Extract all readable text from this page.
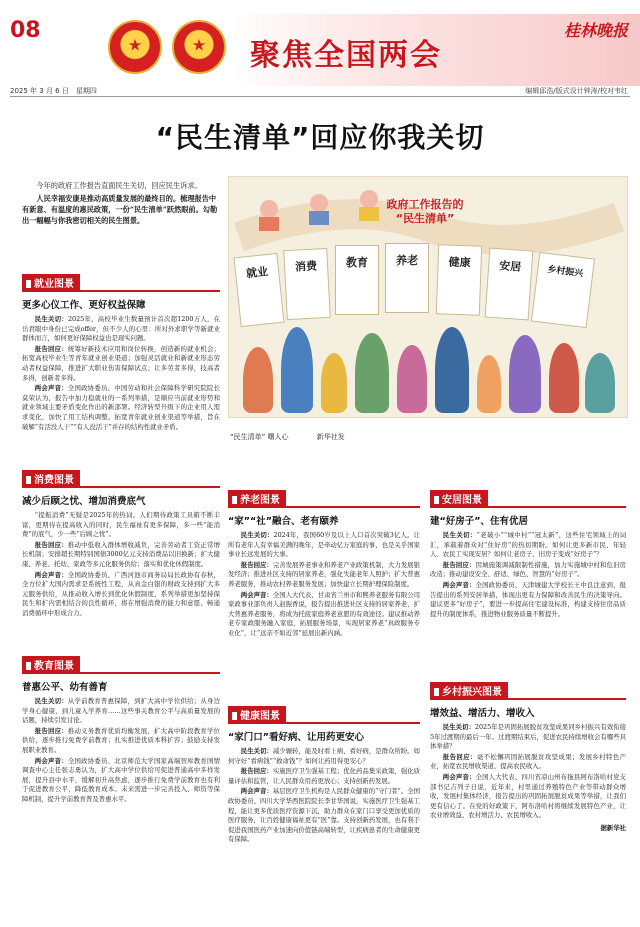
08
★
★
聚焦全国两会
桂林晚报
2025 年 3 月 6 日　星期四	编辑邱浩/版式设计钟涛/校对韦红
“民生清单”回应你我关切

今年的政府工作报告直面民生关切，回应民生诉求。

人民幸福安康是推动高质量发展的最终目的。梳理报告中有新意、有温度的惠民政策，一份“民生清单”跃然眼前。勾勒出一幅幅与你我密切相关的民生图景。

就业	消费	教育	养老	健康	安居	乡村振兴
政府工作报告的
“民生清单”
“民生清单” 曙人心	新华社发
就业图景
更多心仪工作、更好权益保障

民生关切：2025年，高校毕业生数量预计首次超1200万人，在岳君眼中身份已完成offer，但不少人的心里：所对外求职学等新就业群体而言，如何更好保障权益也是现实问题。

报告回应：统筹好新技术应用和岗位转换，创造新的就业机会；拓宽高校毕业生等青年就业创业渠道；加强灵活就业和新就业形态劳动者权益保障，推进扩大职业伤害保障试点；让多劳者多得，技高者多得，创新者多得。

两会声音：全国政协委员、中国劳动和社会保障科学研究院院长莫荣认为，报告中加力稳就业的一系列举措，是顺应当前就业形势和就业领域主要矛盾变化作出的新部署。经济转型升级下的企业用人需求变化，加快了用工结构调整。拓宽青年就业创业渠道等举措，旨在破解“有活没人干”“有人没活干”并存的结构性就业矛盾。

消费图景
减少后顾之忧、增加消费底气

“提振消费”无疑是2025年的热词。人们期待政策工具箱不断丰富，更期待在提高收入的同时，民生福祉有更多保障，多一些“能消费”的底气，少一些“后顾之忧”。

报告回应：推动中低收入群体增收减负，完善劳动者工资正常增长机制；安排超长期特别国债3000亿元支持消费品以旧换新；扩大健康、养老、托幼、家政等多元化服务供给；落实和优化休假制度。

两会声音：全国政协委员、广西河池市商务局局长政协有春秋，全方位扩大国内需求是系统性工程，从真金白银的财政支持到扩大多元服务供给，从推动收入增长到优化休假制度，系列举措更加坚持保民生和扩内需相结合的良性循环，将在增强消费的能力和意愿、畅通消费循环中形成合力。

教育图景
普惠公平、幼有善育

民生关切：从学前教育普惠保障，到扩大高中学位供给；从身边学身心健康，到儿童入学养育……这些事关教育公平与高质量发展的话题，持续引发讨论。

报告回应：推动义务教育优质均衡发展，扩大高中阶段教育学位供给，逐步推行免费学前教育；扎实推进优质本科扩容；鼓励支持发展职业教育。

两会声音：全国政协委员、北京师范大学国家高端智库教育国情调查中心主任张志勇认为，扩大高中学位供给可促进普通高中多样发展，提升县中水平，缓解初升高焦虑，逐步推行免费学前教育也有利于促进教育公平，降低教育成本。未来需进一步完善投入、师资等保障机制，提升学前教育普及普惠水平。

养老图景
“家”“社”融合、老有颐养

民生关切：2024年，我国60岁及以上人口首次突破3亿人。让所有老年人有幸福美满的晚年，是牵动亿万家庭的事，也是关乎国家事业长远发展的大事。

报告回应：完善发展养老事业和养老产业政策机制，大力发展银发经济；推进社区支持的居家养老，强化失能老年人照护；扩大普惠养老服务，推动农村养老服务发展；加快建立长期护理保险制度。

两会声音：全国人大代表、甘肃省兰州市和熙养老服务有限公司家政事业部负责人赵振香说，报告提出推进社区支持的居家养老，扩大普惠养老服务，将成为托底家庭养老意愿的有效途径。建议推动养老专家政服务融入家庭，拓展服务场景，实现居家养老“真政服务专业化”，让“远亲不如近邻”延展出新内涵。

健康图景
“家门口”看好病、让用药更安心

民生关切：减少辗转，能及时看上病、看好病，是群众所盼。如何守好“看病钱”“救命钱”？如何让药用得更安心？

报告回应：实施医疗卫生强基工程；优化药品集采政策，强化质量评估和监管，让人民群众用药更放心；支持创新药发展。

两会声音：基层医疗卫生机构是人民群众健康的“守门者”。全国政协委员、四川大学华西医院院长李甘华国说，实施医疗卫生强基工程，能让更多优质医疗资源下沉，助力群众在家门口享受更加优质的医疗服务，让百姓健康福祉更有“医”靠。支持创新药发展，也有利于促进我国医药产业加速向价值链高端转型，让疾病患者的生命健康更有保障。

安居图景
建“好房子”、住有优居

民生关切：“老破小”“城中村”“冠太新”，这些住宅领域上的词汇，承载着群众对“住好房”的热切期盼。如何让更多新市民、年轻人、农民工实现安居？如何让老房子、旧房子变成“好房子”？

报告回应：因城施策调减限制性措施，加力实施城中村和危旧房改造；推动建设安全、舒适、绿色、智慧的“好房子”。

两会声音：全国政协委员、天津城建大学校长王中良注意到，报告提出的系列安居举措，体现出更有力保障和改善民生的决策导向。建议更多“好房子”，要进一步提高住宅建设标准，构建支持住房品质提升的制度体系，推进物业服务质量不断提升。

乡村振兴图景
增效益、增活力、增收入

民生关切：2025年是巩固拓展脱贫攻坚成果同乡村振兴有效衔接5年过渡期的最后一年。过渡期结束后，促进农民持续增收会有哪些具体举措？

报告回应：毫不松懈巩固拓展脱贫攻坚成果；发展乡村特色产业，拓宽农民增收渠道，提高农民收入。

两会声音：全国人大代表、四川省凉山州布拖县阿布洛哈村党支部书记吉列子日说，近年来，村里通过养殖特色产业等带动群众增收，发展村集体经济，报告提出的巩固拓展脱贫成果等举措，让我们更有信心了。在党的好政策下，阿布洛哈村将继续发展特色产业，让农业增效益、农村增活力、农民增收入。

据新华社
